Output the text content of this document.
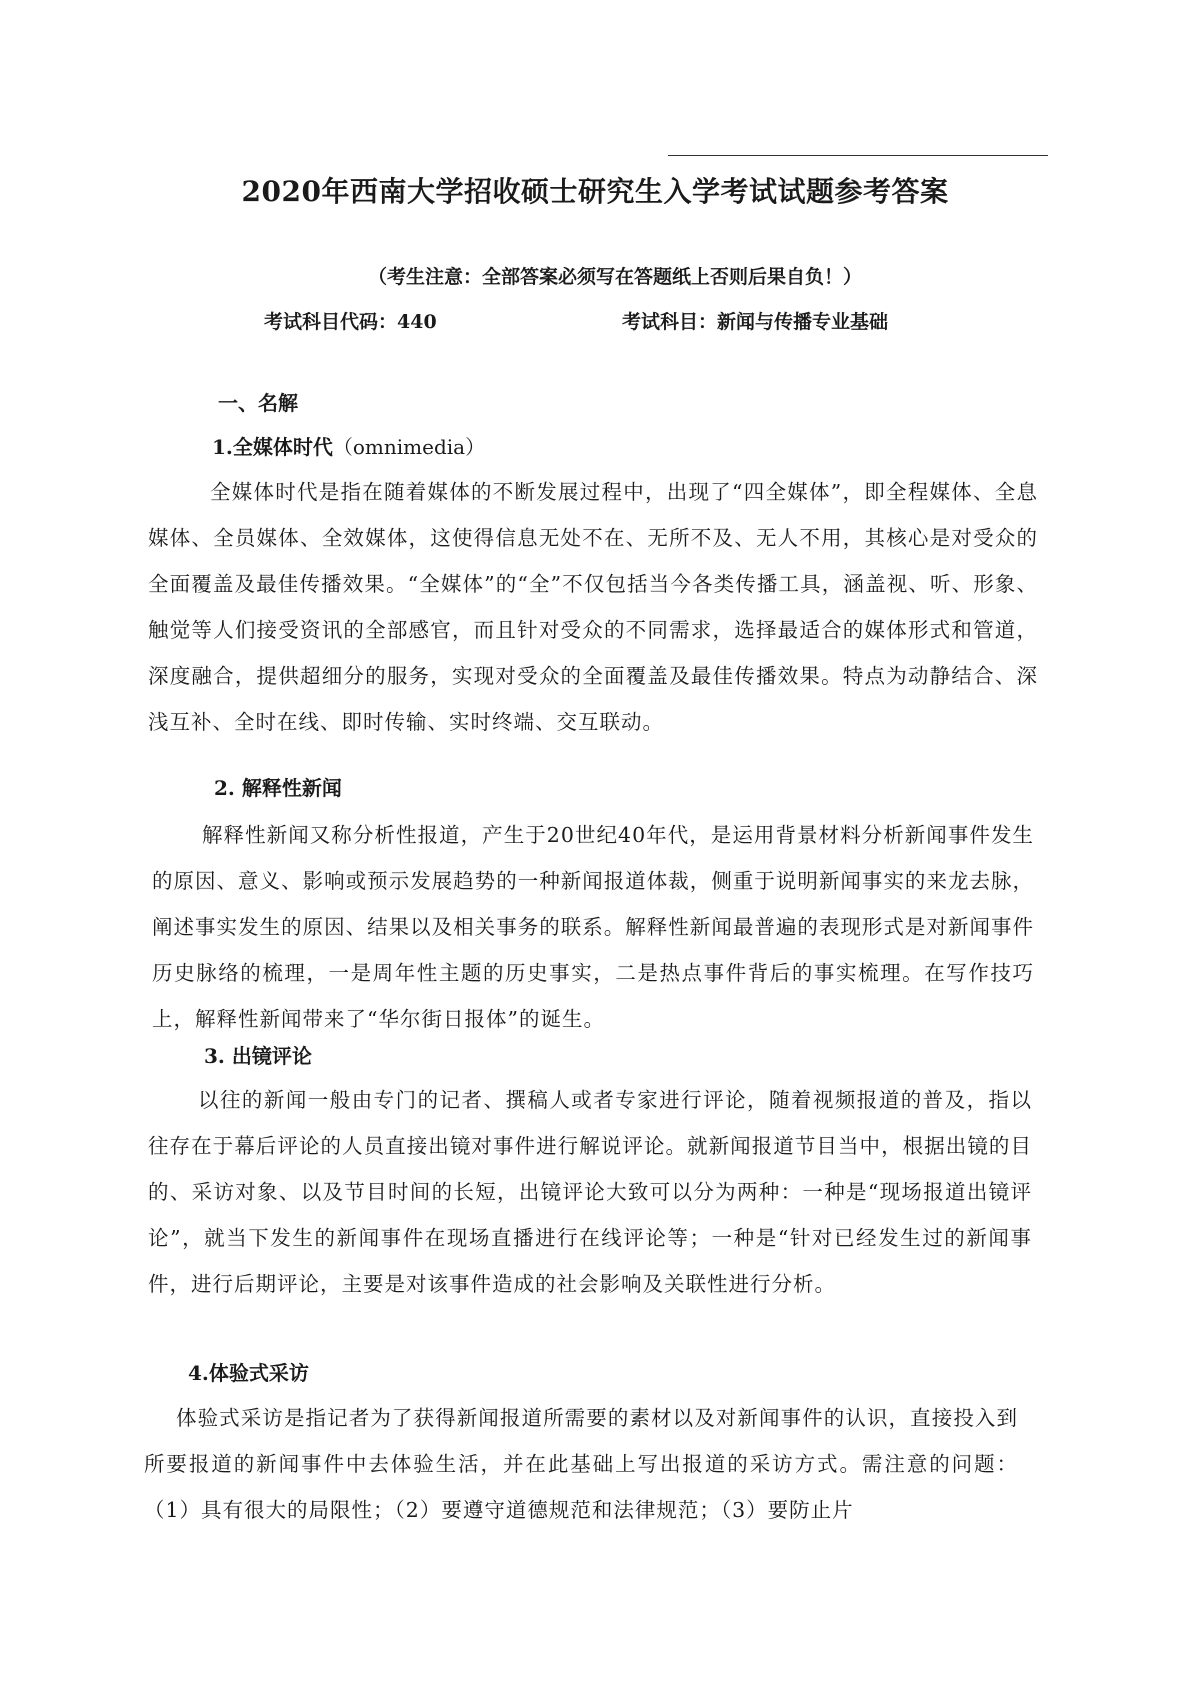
2020年西南大学招收硕士研究生入学考试试题参考答案
（考生注意：全部答案必须写在答题纸上否则后果自负！）
考试科目代码：440	考试科目：新闻与传播专业基础
一、名解
1.全媒体时代（omnimedia）

全媒体时代是指在随着媒体的不断发展过程中，出现了“四全媒体”，即全程媒体、全息媒体、全员媒体、全效媒体，这使得信息无处不在、无所不及、无人不用，其核心是对受众的全面覆盖及最佳传播效果。“全媒体”的“全”不仅包括当今各类传播工具，涵盖视、听、形象、触觉等人们接受资讯的全部感官，而且针对受众的不同需求，选择最适合的媒体形式和管道，深度融合，提供超细分的服务，实现对受众的全面覆盖及最佳传播效果。特点为动静结合、深浅互补、全时在线、即时传输、实时终端、交互联动。

2. 解释性新闻

解释性新闻又称分析性报道，产生于20世纪40年代，是运用背景材料分析新闻事件发生的原因、意义、影响或预示发展趋势的一种新闻报道体裁，侧重于说明新闻事实的来龙去脉，阐述事实发生的原因、结果以及相关事务的联系。解释性新闻最普遍的表现形式是对新闻事件历史脉络的梳理，一是周年性主题的历史事实，二是热点事件背后的事实梳理。在写作技巧上，解释性新闻带来了“华尔街日报体”的诞生。

3. 出镜评论

以往的新闻一般由专门的记者、撰稿人或者专家进行评论，随着视频报道的普及，指以往存在于幕后评论的人员直接出镜对事件进行解说评论。就新闻报道节目当中，根据出镜的目的、采访对象、以及节目时间的长短，出镜评论大致可以分为两种：一种是“现场报道出镜评论”，就当下发生的新闻事件在现场直播进行在线评论等；一种是“针对已经发生过的新闻事件，进行后期评论，主要是对该事件造成的社会影响及关联性进行分析。

4.体验式采访

体验式采访是指记者为了获得新闻报道所需要的素材以及对新闻事件的认识，直接投入到所要报道的新闻事件中去体验生活，并在此基础上写出报道的采访方式。需注意的问题：（1）具有很大的局限性；（2）要遵守道德规范和法律规范；（3）要防止片
